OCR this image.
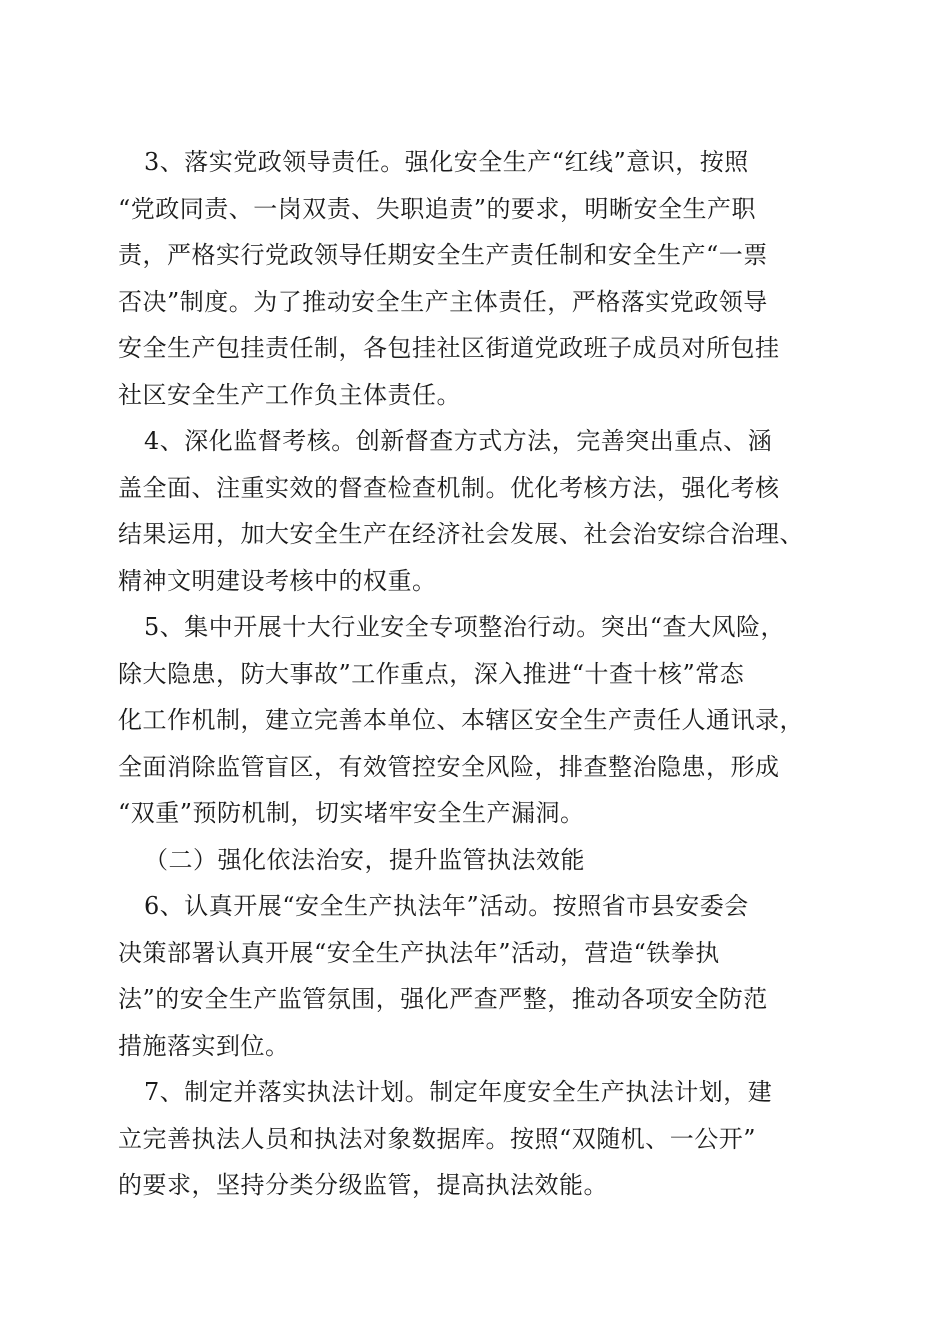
3、落实党政领导责任。强化安全生产“红线”意识，按照
“党政同责、一岗双责、失职追责”的要求，明晰安全生产职
责，严格实行党政领导任期安全生产责任制和安全生产“一票
否决”制度。为了推动安全生产主体责任，严格落实党政领导
安全生产包挂责任制，各包挂社区街道党政班子成员对所包挂
社区安全生产工作负主体责任。
4、深化监督考核。创新督查方式方法，完善突出重点、涵
盖全面、注重实效的督查检查机制。优化考核方法，强化考核
结果运用，加大安全生产在经济社会发展、社会治安综合治理、
精神文明建设考核中的权重。
5、集中开展十大行业安全专项整治行动。突出“查大风险，
除大隐患，防大事故”工作重点，深入推进“十查十核”常态
化工作机制，建立完善本单位、本辖区安全生产责任人通讯录，
全面消除监管盲区，有效管控安全风险，排查整治隐患，形成
“双重”预防机制，切实堵牢安全生产漏洞。
（二）强化依法治安，提升监管执法效能
6、认真开展“安全生产执法年”活动。按照省市县安委会
决策部署认真开展“安全生产执法年”活动，营造“铁拳执
法”的安全生产监管氛围，强化严查严整，推动各项安全防范
措施落实到位。
7、制定并落实执法计划。制定年度安全生产执法计划，建
立完善执法人员和执法对象数据库。按照“双随机、一公开”
的要求，坚持分类分级监管，提高执法效能。
